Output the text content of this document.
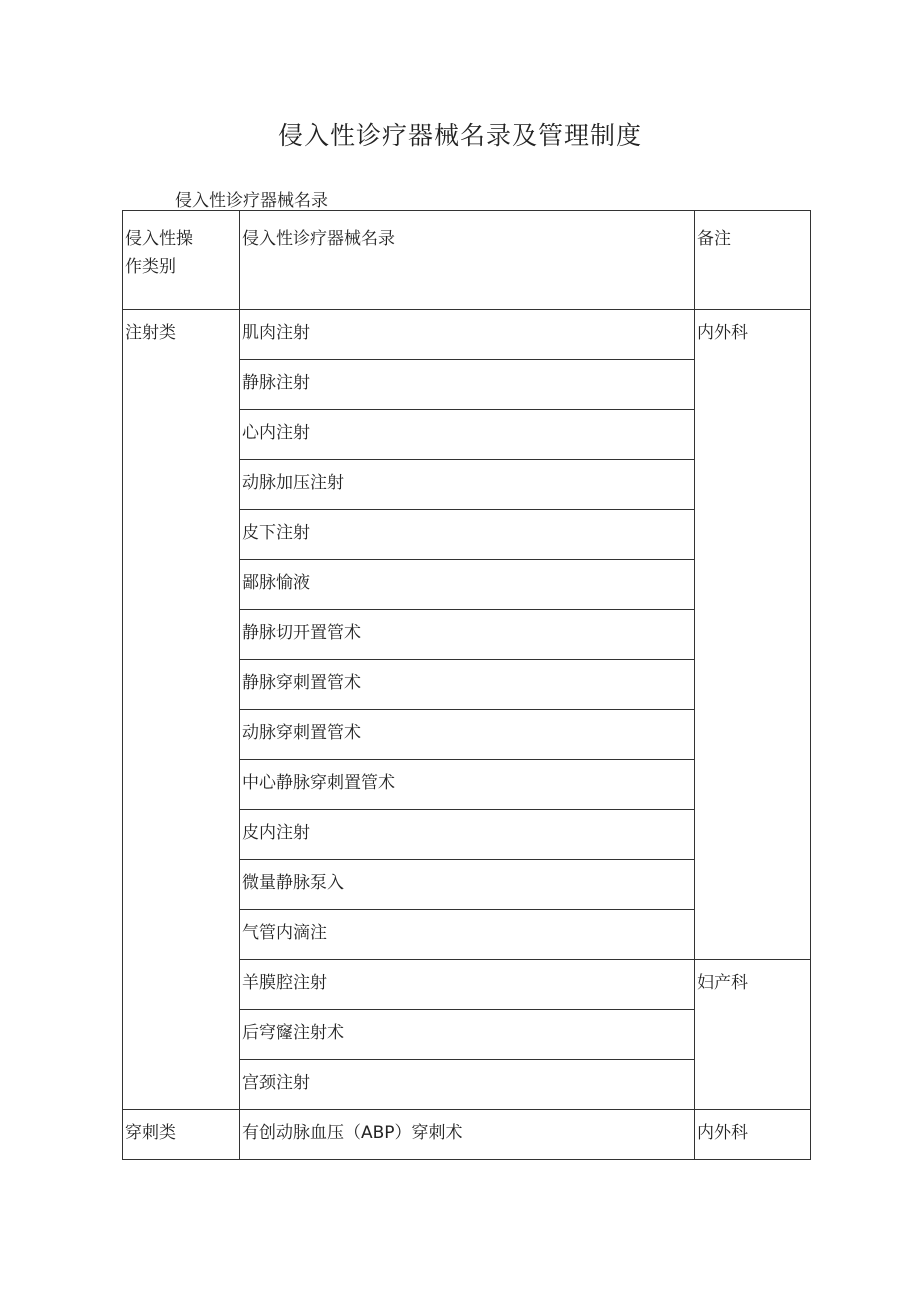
侵入性诊疗器械名录及管理制度
侵入性诊疗器械名录
侵入性操
作类别	侵入性诊疗器械名录	备注

注射类	肌肉注射	内外科

	静脉注射	

	心内注射	

	动脉加压注射	

	皮下注射	

	鄙脉愉液	

	静脉切开置管术	

	静脉穿刺置管术	

	动脉穿刺置管术	

	中心静脉穿刺置管术	

	皮内注射	

	微量静脉泵入	

	气管内滴注	

	羊膜腔注射	妇产科

	后穹窿注射术	

	宫颈注射	

穿刺类	有创动脉血压（ABP）穿刺术	内外科
